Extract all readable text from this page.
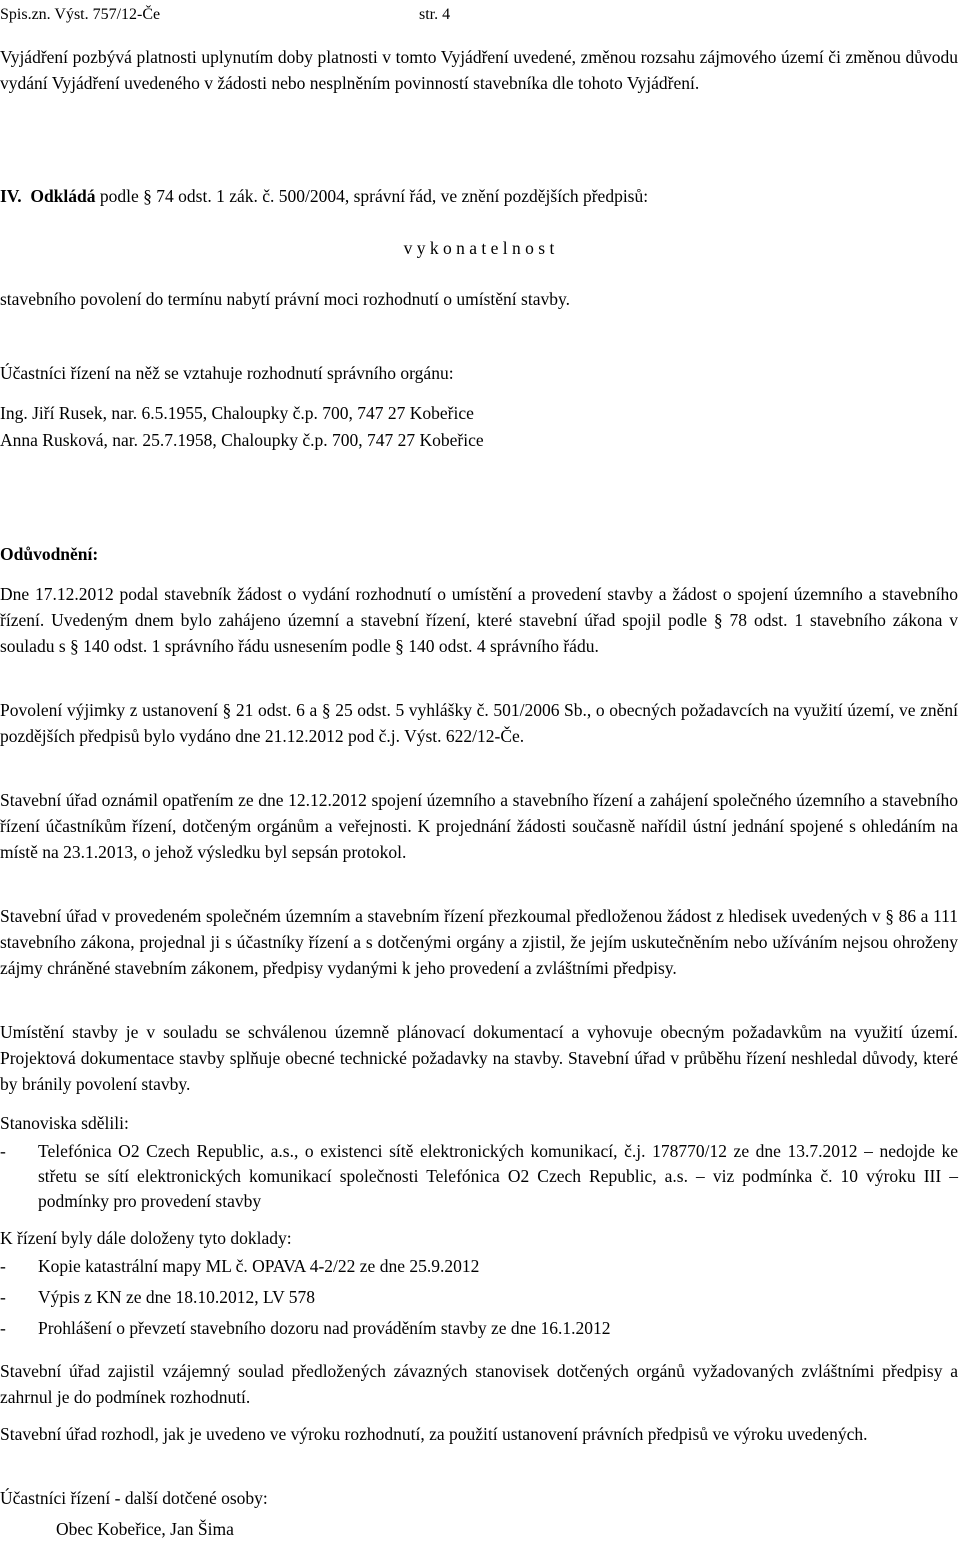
Spis.zn. Výst. 757/12-Če	str. 4
Vyjádření pozbývá platnosti uplynutím doby platnosti v tomto Vyjádření uvedené, změnou rozsahu zájmového území či změnou důvodu vydání Vyjádření uvedeného v žádosti nebo nesplněním povinností stavebníka dle tohoto Vyjádření.
IV. Odkládá podle § 74 odst. 1 zák. č. 500/2004, správní řád, ve znění pozdějších předpisů:
v y k o n a t e l n o s t
stavebního povolení do termínu nabytí právní moci rozhodnutí o umístění stavby.
Účastníci řízení na něž se vztahuje rozhodnutí správního orgánu:
Ing. Jiří Rusek, nar. 6.5.1955, Chaloupky č.p. 700, 747 27 Kobeřice
Anna Rusková, nar. 25.7.1958, Chaloupky č.p. 700, 747 27 Kobeřice
Odůvodnění:
Dne 17.12.2012 podal stavebník žádost o vydání rozhodnutí o umístění a provedení stavby a žádost o spojení územního a stavebního řízení. Uvedeným dnem bylo zahájeno územní a stavební řízení, které stavební úřad spojil podle § 78 odst. 1 stavebního zákona v souladu s § 140 odst. 1 správního řádu usnesením podle § 140 odst. 4 správního řádu.
Povolení výjimky z ustanovení § 21 odst. 6 a § 25 odst. 5 vyhlášky č. 501/2006 Sb., o obecných požadavcích na využití území, ve znění pozdějších předpisů bylo vydáno dne 21.12.2012 pod č.j. Výst. 622/12-Če.
Stavební úřad oznámil opatřením ze dne 12.12.2012 spojení územního a stavebního řízení a zahájení společného územního a stavebního řízení účastníkům řízení, dotčeným orgánům a veřejnosti. K projednání žádosti současně nařídil ústní jednání spojené s ohledáním na místě na 23.1.2013, o jehož výsledku byl sepsán protokol.
Stavební úřad v provedeném společném územním a stavebním řízení přezkoumal předloženou žádost z hledisek uvedených v § 86 a 111 stavebního zákona, projednal ji s účastníky řízení a s dotčenými orgány a zjistil, že jejím uskutečněním nebo užíváním nejsou ohroženy zájmy chráněné stavebním zákonem, předpisy vydanými k jeho provedení a zvláštními předpisy.
Umístění stavby je v souladu se schválenou územně plánovací dokumentací a vyhovuje obecným požadavkům na využití území. Projektová dokumentace stavby splňuje obecné technické požadavky na stavby. Stavební úřad v průběhu řízení neshledal důvody, které by bránily povolení stavby.
Stanoviska sdělili:
- Telefónica O2 Czech Republic, a.s., o existenci sítě elektronických komunikací, č.j. 178770/12 ze dne 13.7.2012 – nedojde ke střetu se sítí elektronických komunikací společnosti Telefónica O2 Czech Republic, a.s. – viz podmínka č. 10 výroku III – podmínky pro provedení stavby
K řízení byly dále doloženy tyto doklady:
- Kopie katastrální mapy ML č. OPAVA 4-2/22 ze dne 25.9.2012
- Výpis z KN ze dne 18.10.2012, LV 578
- Prohlášení o převzetí stavebního dozoru nad prováděním stavby ze dne 16.1.2012
Stavební úřad zajistil vzájemný soulad předložených závazných stanovisek dotčených orgánů vyžadovaných zvláštními předpisy a zahrnul je do podmínek rozhodnutí.
Stavební úřad rozhodl, jak je uvedeno ve výroku rozhodnutí, za použití ustanovení právních předpisů ve výroku uvedených.
Účastníci řízení - další dotčené osoby:
Obec Kobeřice, Jan Šima
